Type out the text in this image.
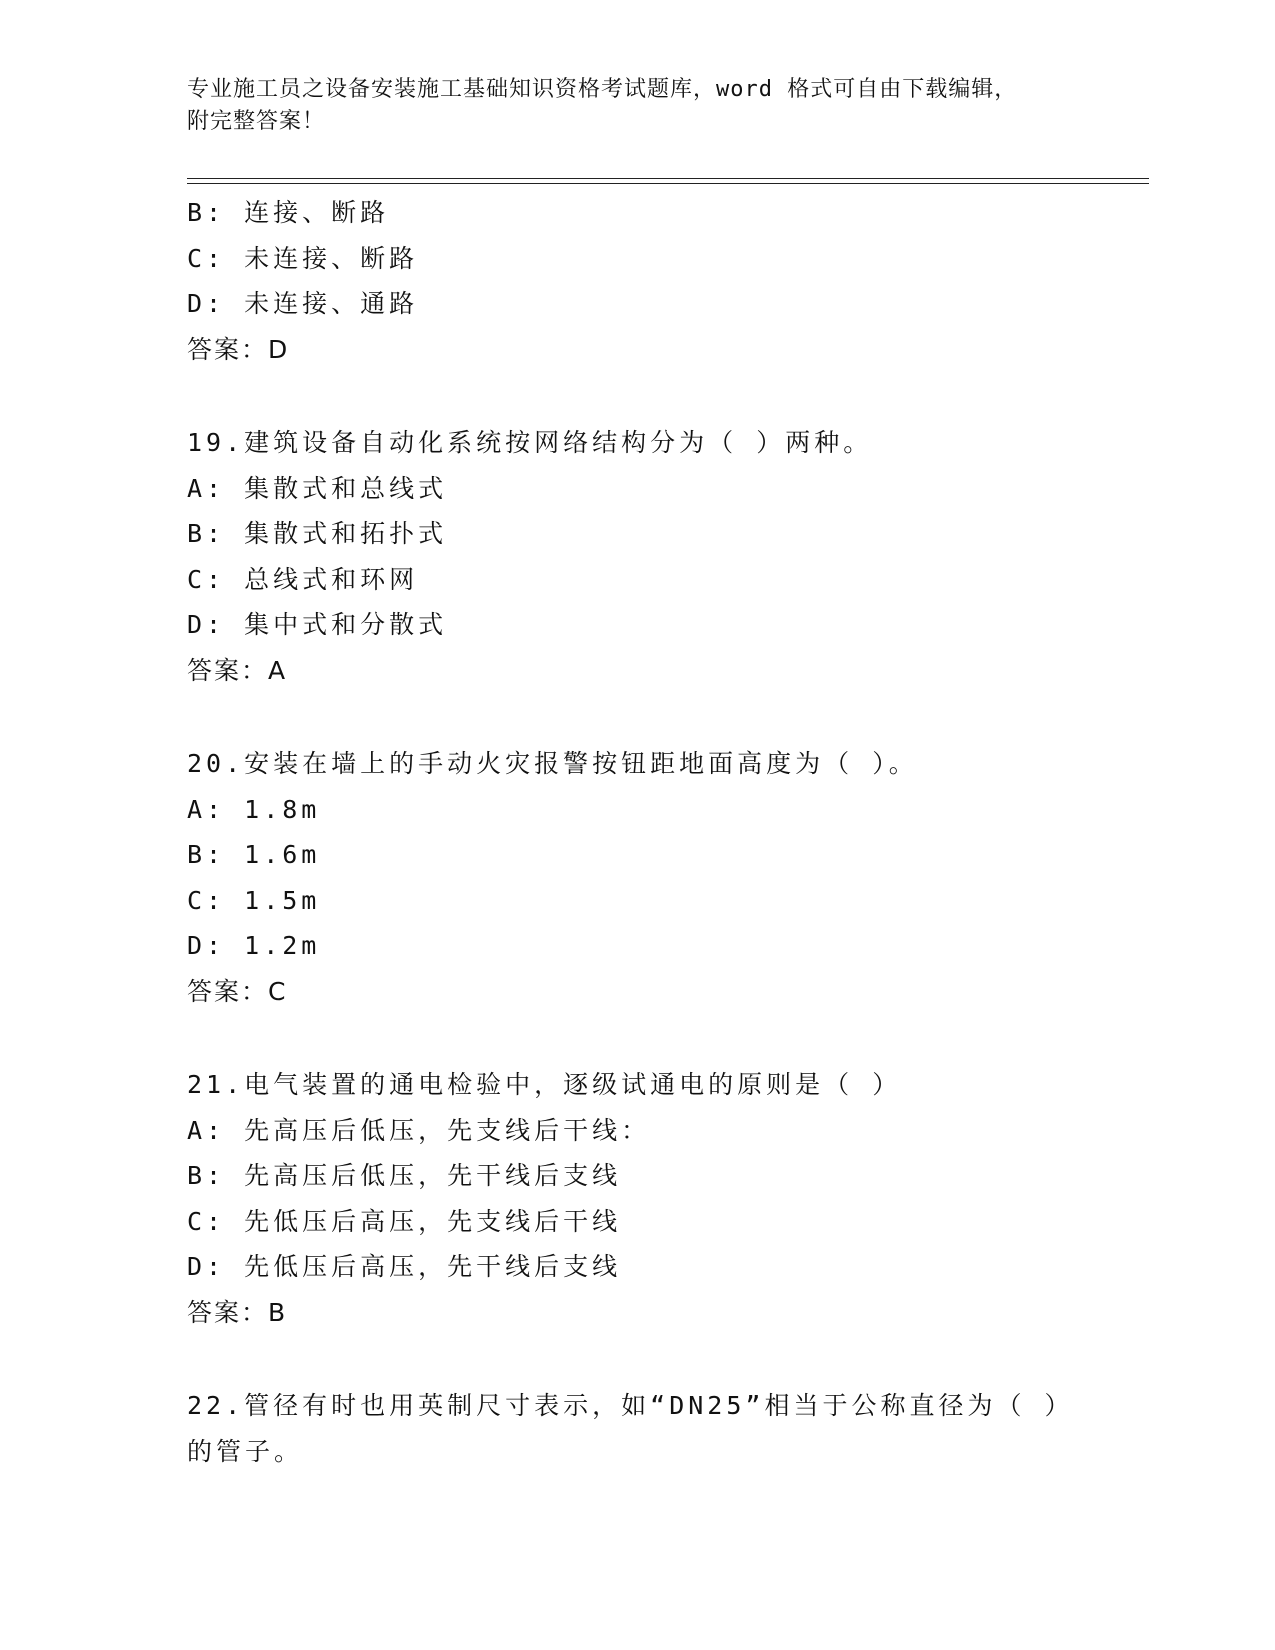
专业施工员之设备安装施工基础知识资格考试题库，word 格式可自由下载编辑，
附完整答案！
B: 连接、断路
C: 未连接、断路
D: 未连接、通路
答案：D
19.建筑设备自动化系统按网络结构分为（ ）两种。
A: 集散式和总线式
B: 集散式和拓扑式
C: 总线式和环网
D: 集中式和分散式
答案：A
20.安装在墙上的手动火灾报警按钮距地面高度为（ ）。
A: 1.8m
B: 1.6m
C: 1.5m
D: 1.2m
答案：C
21.电气装置的通电检验中，逐级试通电的原则是（ ）
A: 先高压后低压，先支线后干线：
B: 先高压后低压，先干线后支线
C: 先低压后高压，先支线后干线
D: 先低压后高压，先干线后支线
答案：B
22.管径有时也用英制尺寸表示，如“DN25”相当于公称直径为（ ）
的管子。
